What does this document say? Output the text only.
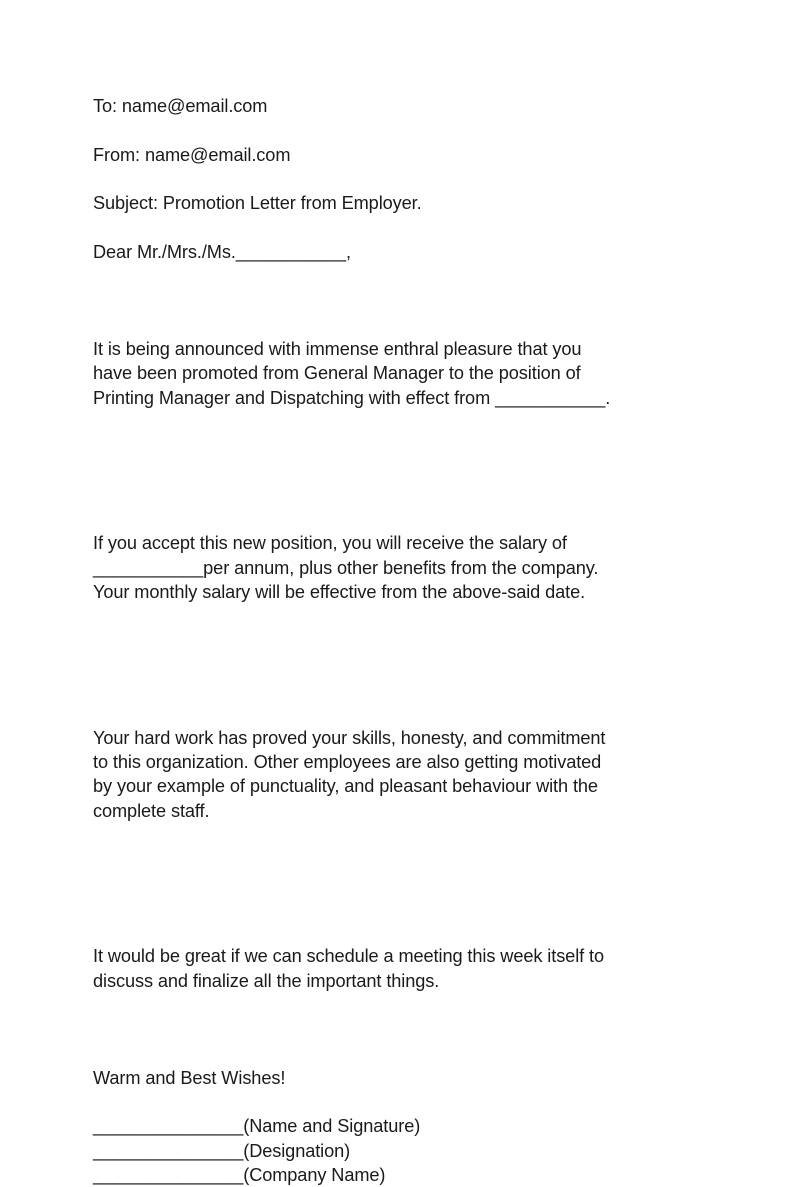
To: name@email.com

From: name@email.com

Subject: Promotion Letter from Employer.

Dear Mr./Mrs./Ms.___________,

It is being announced with immense enthral pleasure that you
have been promoted from General Manager to the position of
Printing Manager and Dispatching with effect from ___________.

If you accept this new position, you will receive the salary of
___________per annum, plus other benefits from the company.
Your monthly salary will be effective from the above-said date.

Your hard work has proved your skills, honesty, and commitment
to this organization. Other employees are also getting motivated
by your example of punctuality, and pleasant behaviour with the
complete staff.

It would be great if we can schedule a meeting this week itself to
discuss and finalize all the important things.

Warm and Best Wishes!

_______________(Name and Signature)

_______________(Designation)

_______________(Company Name)
